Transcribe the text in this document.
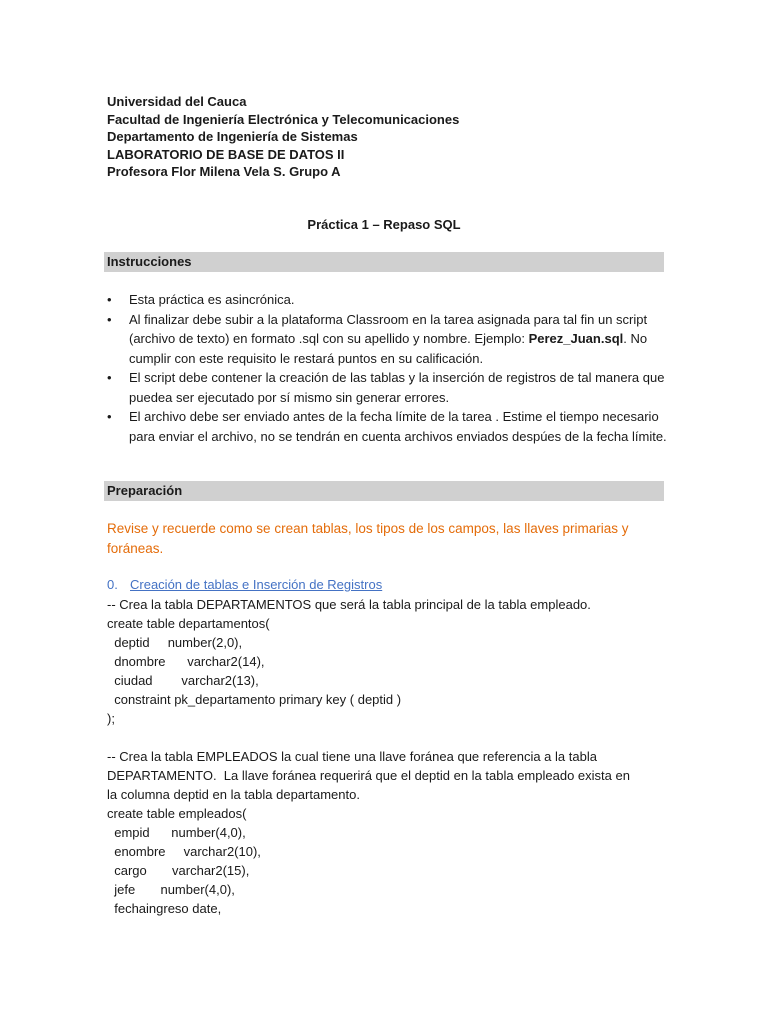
Universidad del Cauca
Facultad de Ingeniería Electrónica y Telecomunicaciones
Departamento de Ingeniería de Sistemas
LABORATORIO DE BASE DE DATOS II
Profesora Flor Milena Vela S. Grupo A
Práctica 1 – Repaso SQL
Instrucciones
• Esta práctica es asincrónica.
• Al finalizar debe subir a la plataforma Classroom en la tarea asignada para tal fin un script (archivo de texto) en formato .sql con su apellido y nombre. Ejemplo: Perez_Juan.sql. No cumplir con este requisito le restará puntos en su calificación.
• El script debe contener la creación de las tablas y la inserción de registros de tal manera que puedea ser ejecutado por sí mismo sin generar errores.
• El archivo debe ser enviado antes de la fecha límite de la tarea . Estime el tiempo necesario para enviar el archivo, no se tendrán en cuenta archivos enviados despúes de la fecha límite.
Preparación
Revise y recuerde como se crean tablas, los tipos de los campos, las llaves primarias y foráneas.
0. Creación de tablas e Inserción de Registros
-- Crea la tabla DEPARTAMENTOS que será la tabla principal de la tabla empleado.
create table departamentos(
deptid     number(2,0),
dnombre      varchar2(14),
ciudad        varchar2(13),
constraint pk_departamento primary key ( deptid )
);
-- Crea la tabla EMPLEADOS la cual tiene una llave foránea que referencia a la tabla
DEPARTAMENTO.  La llave foránea requerirá que el deptid en la tabla empleado exista en
la columna deptid en la tabla departamento.
create table empleados(
empid      number(4,0),
enombre     varchar2(10),
cargo       varchar2(15),
jefe       number(4,0),
fechaingreso date,
